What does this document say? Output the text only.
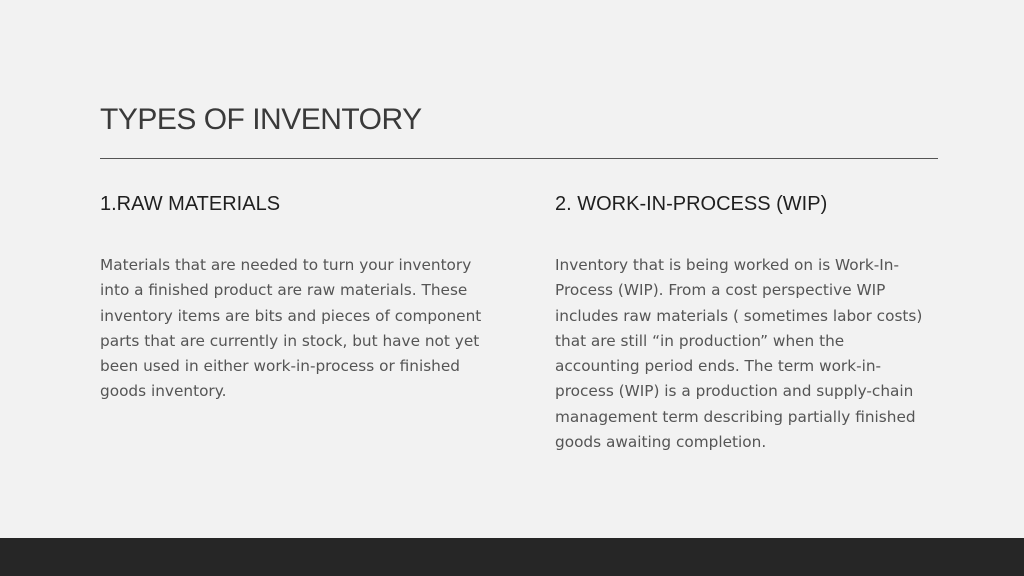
TYPES OF INVENTORY
1.RAW MATERIALS

Materials that are needed to turn your inventory into a finished product are raw materials. These inventory items are bits and pieces of component parts that are currently in stock, but have not yet been used in either work-in-process or finished goods inventory.

2. WORK-IN-PROCESS (WIP)

Inventory that is being worked on is Work-In-Process (WIP). From a cost perspective WIP includes raw materials ( sometimes labor costs) that are still “in production” when the accounting period ends. The term work-in-process (WIP) is a production and supply-chain management term describing partially finished goods awaiting completion.
